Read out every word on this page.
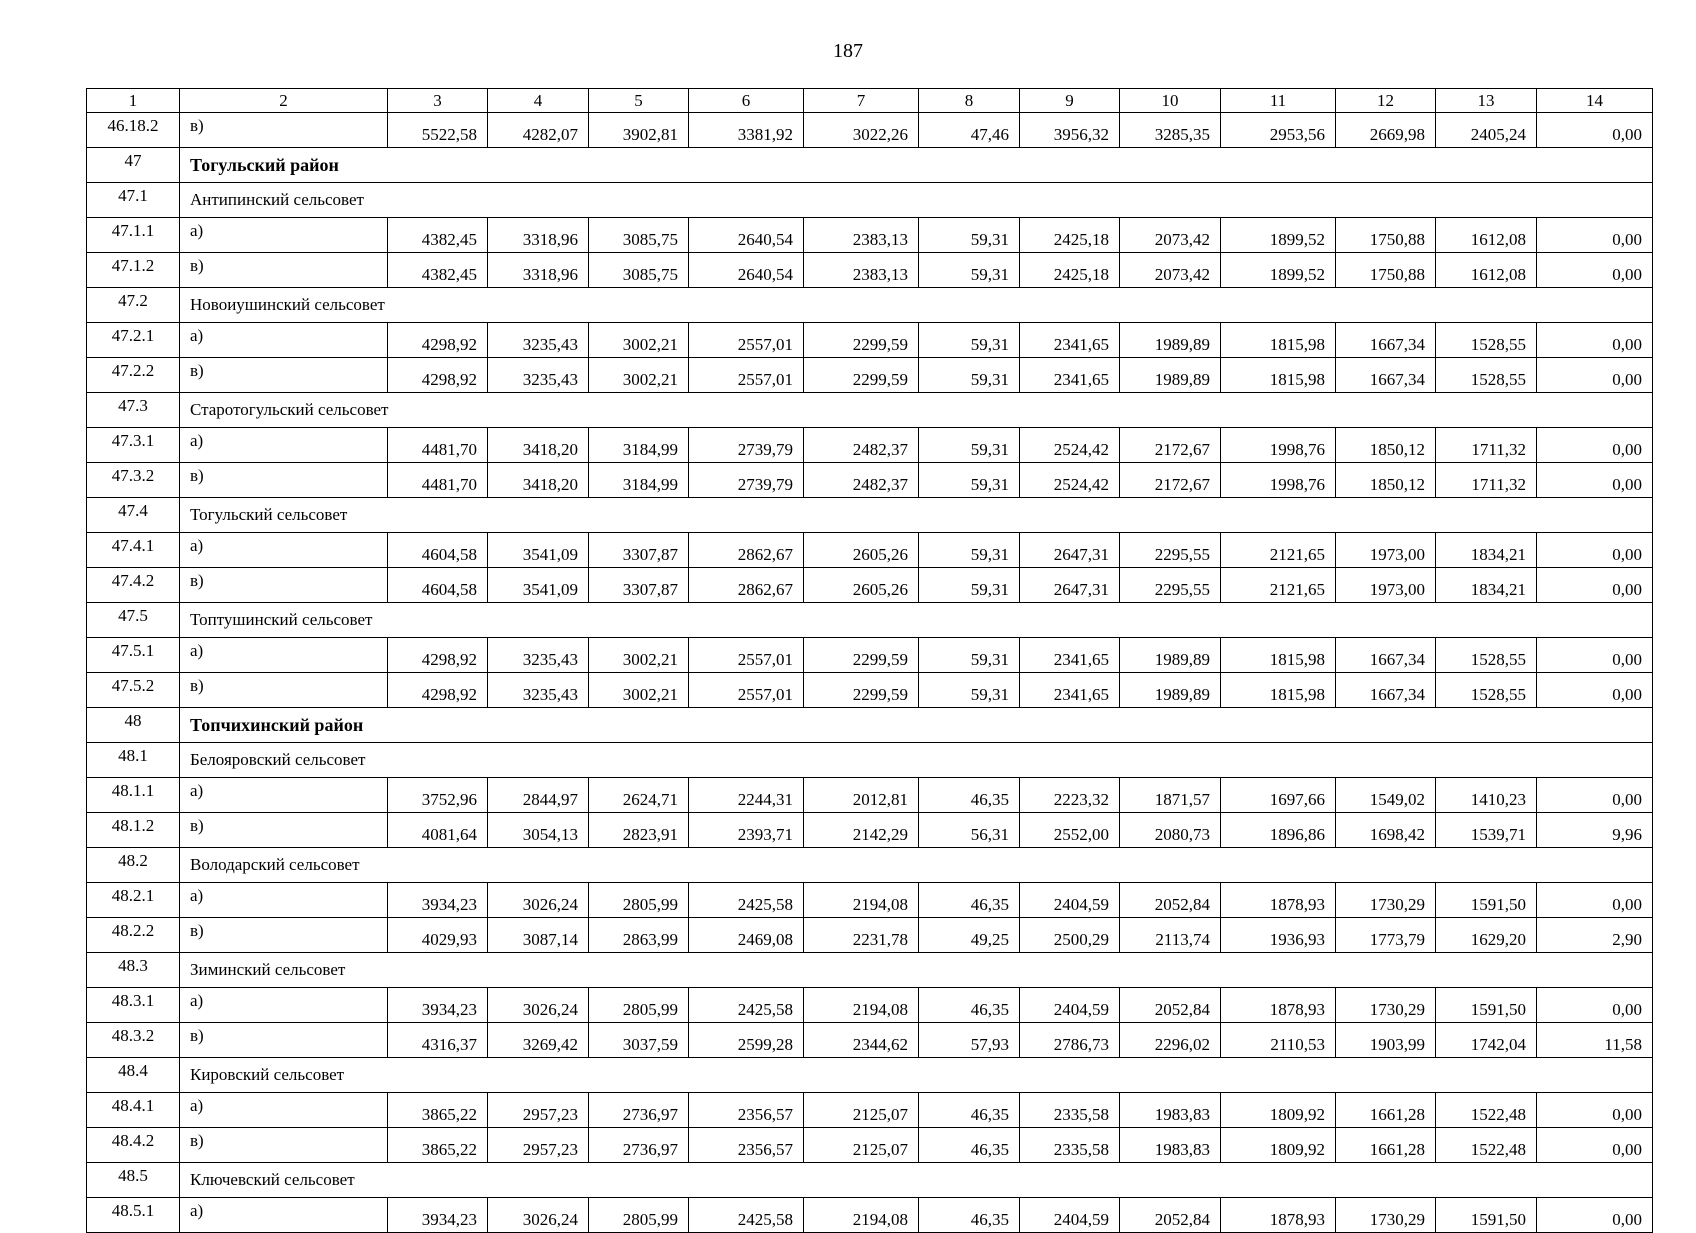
187
1	2	3	4	5	6	7	8	9	10	11	12	13	14
46.18.2	в)	5522,58	4282,07	3902,81	3381,92	3022,26	47,46	3956,32	3285,35	2953,56	2669,98	2405,24	0,00
47	Тогульский район												
47.1	Антипинский сельсовет												
47.1.1	а)	4382,45	3318,96	3085,75	2640,54	2383,13	59,31	2425,18	2073,42	1899,52	1750,88	1612,08	0,00
47.1.2	в)	4382,45	3318,96	3085,75	2640,54	2383,13	59,31	2425,18	2073,42	1899,52	1750,88	1612,08	0,00
47.2	Новоиушинский сельсовет												
47.2.1	а)	4298,92	3235,43	3002,21	2557,01	2299,59	59,31	2341,65	1989,89	1815,98	1667,34	1528,55	0,00
47.2.2	в)	4298,92	3235,43	3002,21	2557,01	2299,59	59,31	2341,65	1989,89	1815,98	1667,34	1528,55	0,00
47.3	Старотогульский сельсовет												
47.3.1	а)	4481,70	3418,20	3184,99	2739,79	2482,37	59,31	2524,42	2172,67	1998,76	1850,12	1711,32	0,00
47.3.2	в)	4481,70	3418,20	3184,99	2739,79	2482,37	59,31	2524,42	2172,67	1998,76	1850,12	1711,32	0,00
47.4	Тогульский сельсовет												
47.4.1	а)	4604,58	3541,09	3307,87	2862,67	2605,26	59,31	2647,31	2295,55	2121,65	1973,00	1834,21	0,00
47.4.2	в)	4604,58	3541,09	3307,87	2862,67	2605,26	59,31	2647,31	2295,55	2121,65	1973,00	1834,21	0,00
47.5	Топтушинский сельсовет												
47.5.1	а)	4298,92	3235,43	3002,21	2557,01	2299,59	59,31	2341,65	1989,89	1815,98	1667,34	1528,55	0,00
47.5.2	в)	4298,92	3235,43	3002,21	2557,01	2299,59	59,31	2341,65	1989,89	1815,98	1667,34	1528,55	0,00
48	Топчихинский район												
48.1	Белояровский сельсовет												
48.1.1	а)	3752,96	2844,97	2624,71	2244,31	2012,81	46,35	2223,32	1871,57	1697,66	1549,02	1410,23	0,00
48.1.2	в)	4081,64	3054,13	2823,91	2393,71	2142,29	56,31	2552,00	2080,73	1896,86	1698,42	1539,71	9,96
48.2	Володарский сельсовет												
48.2.1	а)	3934,23	3026,24	2805,99	2425,58	2194,08	46,35	2404,59	2052,84	1878,93	1730,29	1591,50	0,00
48.2.2	в)	4029,93	3087,14	2863,99	2469,08	2231,78	49,25	2500,29	2113,74	1936,93	1773,79	1629,20	2,90
48.3	Зиминский сельсовет												
48.3.1	а)	3934,23	3026,24	2805,99	2425,58	2194,08	46,35	2404,59	2052,84	1878,93	1730,29	1591,50	0,00
48.3.2	в)	4316,37	3269,42	3037,59	2599,28	2344,62	57,93	2786,73	2296,02	2110,53	1903,99	1742,04	11,58
48.4	Кировский сельсовет												
48.4.1	а)	3865,22	2957,23	2736,97	2356,57	2125,07	46,35	2335,58	1983,83	1809,92	1661,28	1522,48	0,00
48.4.2	в)	3865,22	2957,23	2736,97	2356,57	2125,07	46,35	2335,58	1983,83	1809,92	1661,28	1522,48	0,00
48.5	Ключевский сельсовет												
48.5.1	а)	3934,23	3026,24	2805,99	2425,58	2194,08	46,35	2404,59	2052,84	1878,93	1730,29	1591,50	0,00
